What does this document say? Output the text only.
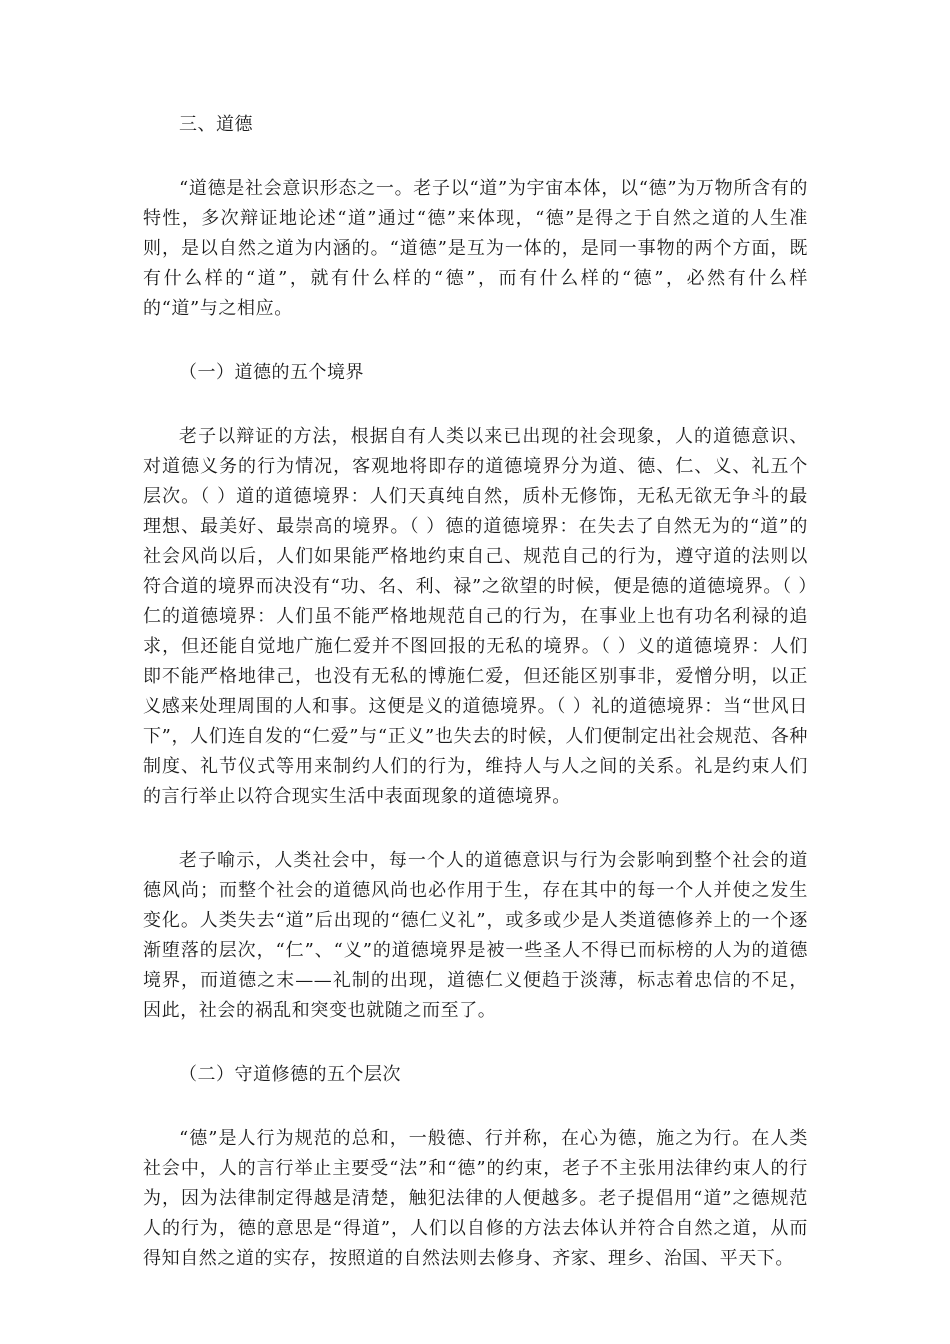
三、道德

“道德是社会意识形态之一。老子以“道”为宇宙本体，以“德”为万物所含有的特性，多次辩证地论述“道”通过“德”来体现，“德”是得之于自然之道的人生准则，是以自然之道为内涵的。“道德”是互为一体的，是同一事物的两个方面，既有什么样的“道”，就有什么样的“德”，而有什么样的“德”，必然有什么样的“道”与之相应。

（一）道德的五个境界

老子以辩证的方法，根据自有人类以来已出现的社会现象，人的道德意识、对道德义务的行为情况，客观地将即存的道德境界分为道、德、仁、义、礼五个层次。（ ）道的道德境界：人们天真纯自然，质朴无修饰，无私无欲无争斗的最理想、最美好、最崇高的境界。（ ）德的道德境界：在失去了自然无为的“道”的社会风尚以后，人们如果能严格地约束自己、规范自己的行为，遵守道的法则以符合道的境界而决没有“功、名、利、禄”之欲望的时候，便是德的道德境界。（ ）仁的道德境界：人们虽不能严格地规范自己的行为，在事业上也有功名利禄的追求，但还能自觉地广施仁爱并不图回报的无私的境界。（ ）义的道德境界：人们即不能严格地律己，也没有无私的博施仁爱，但还能区别事非，爱憎分明，以正义感来处理周围的人和事。这便是义的道德境界。（ ）礼的道德境界：当“世风日下”，人们连自发的“仁爱”与“正义”也失去的时候，人们便制定出社会规范、各种制度、礼节仪式等用来制约人们的行为，维持人与人之间的关系。礼是约束人们的言行举止以符合现实生活中表面现象的道德境界。

老子喻示，人类社会中，每一个人的道德意识与行为会影响到整个社会的道德风尚；而整个社会的道德风尚也必作用于生，存在其中的每一个人并使之发生变化。人类失去“道”后出现的“德仁义礼”，或多或少是人类道德修养上的一个逐渐堕落的层次，“仁”、“义”的道德境界是被一些圣人不得已而标榜的人为的道德境界，而道德之末——礼制的出现，道德仁义便趋于淡薄，标志着忠信的不足，因此，社会的祸乱和突变也就随之而至了。

（二）守道修德的五个层次

“德”是人行为规范的总和，一般德、行并称，在心为德，施之为行。在人类社会中，人的言行举止主要受“法”和“德”的约束，老子不主张用法律约束人的行为，因为法律制定得越是清楚，触犯法律的人便越多。老子提倡用“道”之德规范人的行为，德的意思是“得道”，人们以自修的方法去体认并符合自然之道，从而得知自然之道的实存，按照道的自然法则去修身、齐家、理乡、治国、平天下。
